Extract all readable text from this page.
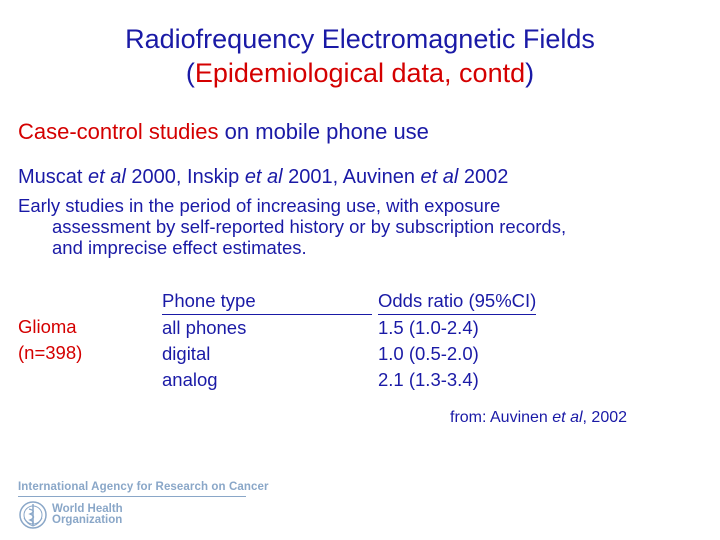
Radiofrequency Electromagnetic Fields
(Epidemiological data, contd)
Case-control studies on mobile phone use
Muscat et al 2000, Inskip et al 2001, Auvinen et al 2002
Early studies in the period of increasing use, with exposure
assessment by self-reported history or by subscription records,
and imprecise effect estimates.
Glioma
(n=398)
Phone type
all phones
digital
analog
Odds ratio (95%CI)
1.5 (1.0-2.4)
1.0 (0.5-2.0)
2.1 (1.3-3.4)
from: Auvinen et al, 2002
International Agency for Research on Cancer
World Health
Organization
